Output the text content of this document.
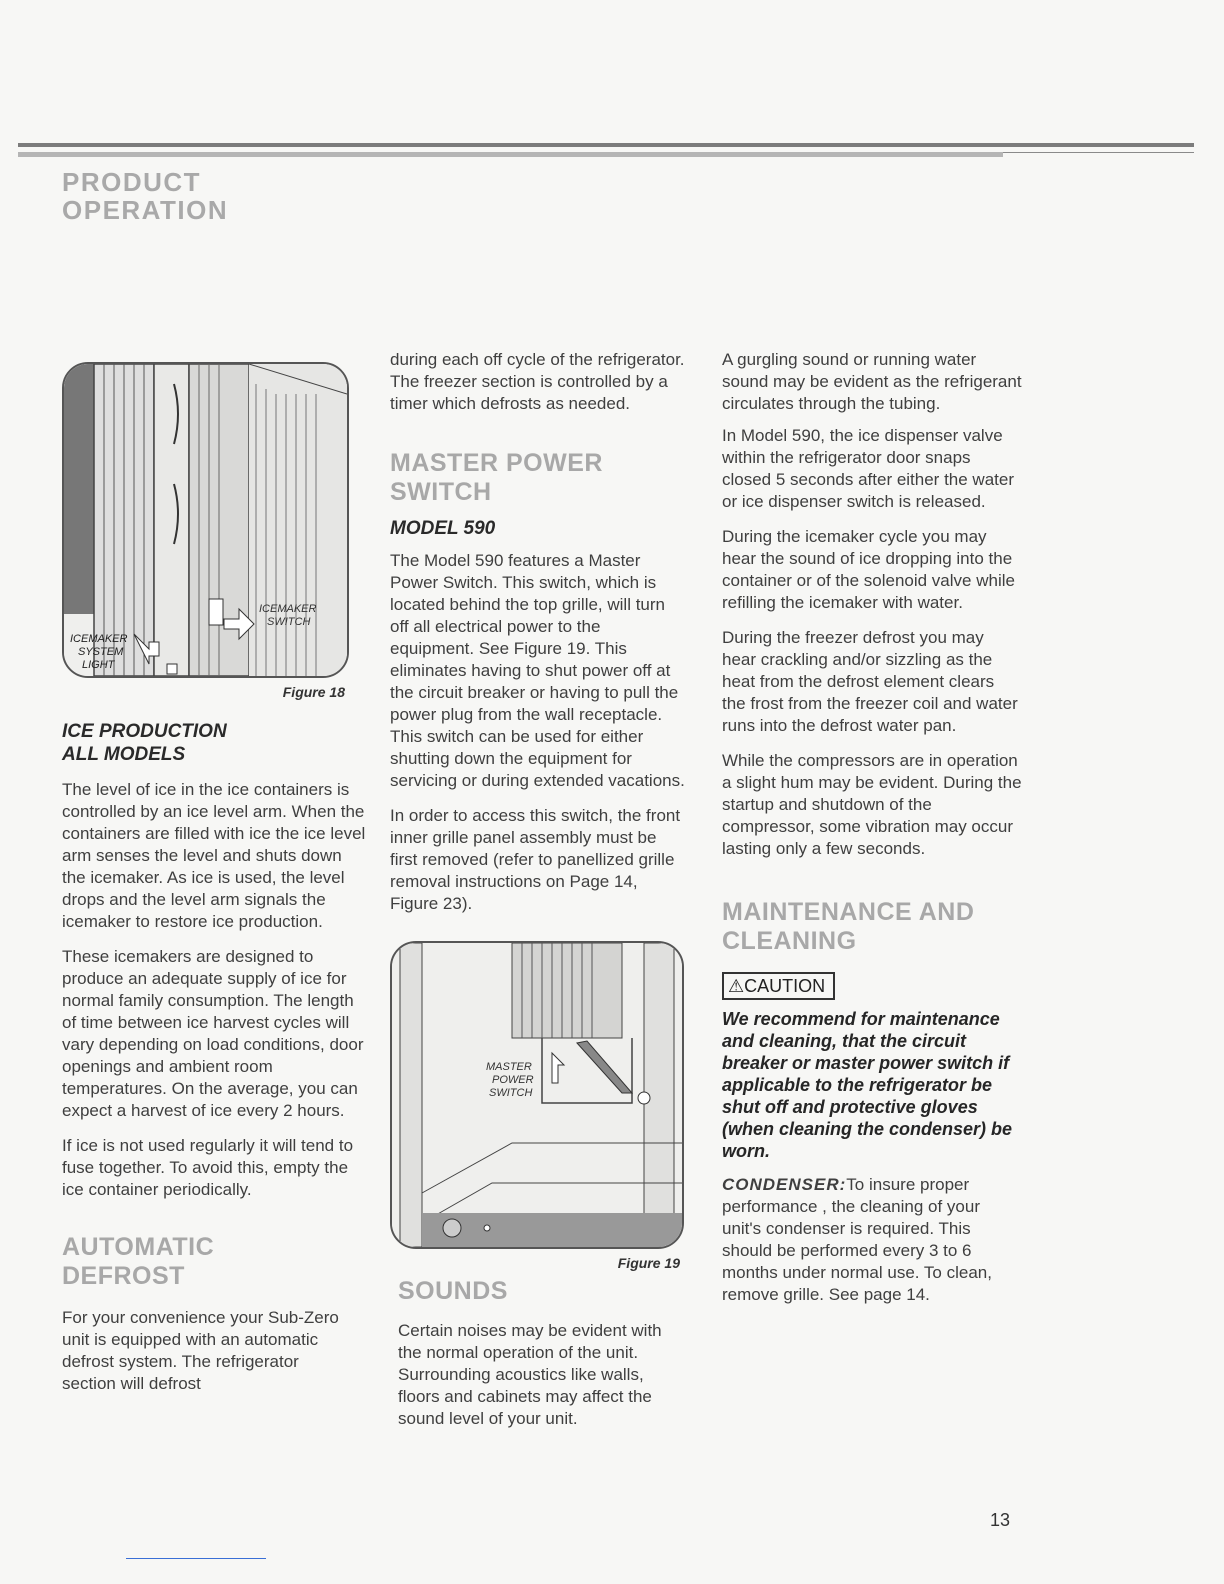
PRODUCT
OPERATION
ICEMAKER
SWITCH
ICEMAKER
SYSTEM
LIGHT
Figure 18
ICE PRODUCTION
ALL MODELS

The level of ice in the ice containers is controlled by an ice level arm. When the containers are filled with ice the ice level arm senses the level and shuts down the icemaker. As ice is used, the level drops and the level arm signals the icemaker to restore ice production.

These icemakers are designed to produce an adequate supply of ice for normal family consumption. The length of time between ice harvest cycles will vary depending on load conditions, door openings and ambient room temperatures. On the average, you can expect a harvest of ice every 2 hours.

If ice is not used regularly it will tend to fuse together. To avoid this, empty the ice container periodically.

AUTOMATIC
DEFROST

For your convenience your Sub-Zero unit is equipped with an automatic defrost system. The refrigerator section will defrost

during each off cycle of the refrigerator. The freezer section is controlled by a timer which defrosts as needed.

MASTER POWER
SWITCH
MODEL 590

The Model 590 features a Master Power Switch. This switch, which is located behind the top grille, will turn off all electrical power to the equipment. See Figure 19. This eliminates having to shut power off at the circuit breaker or having to pull the power plug from the wall receptacle. This switch can be used for either shutting down the equipment for servicing or during extended vacations.

In order to access this switch, the front inner grille panel assembly must be first removed (refer to panellized grille removal instructions on Page 14, Figure 23).

MASTER
POWER
SWITCH
Figure 19
SOUNDS

Certain noises may be evident with the normal operation of the unit. Surrounding acoustics like walls, floors and cabinets may affect the sound level of your unit.

A gurgling sound or running water sound may be evident as the refrigerant circulates through the tubing.

In Model 590, the ice dispenser valve within the refrigerator door snaps closed 5 seconds after either the water or ice dispenser switch is released.

During the icemaker cycle you may hear the sound of ice dropping into the container or of the solenoid valve while refilling the icemaker with water.

During the freezer defrost you may hear crackling and/or sizzling as the heat from the defrost element clears the frost from the freezer coil and water runs into the defrost water pan.

While the compressors are in operation a slight hum may be evident. During the startup and shutdown of the compressor, some vibration may occur lasting only a few seconds.

MAINTENANCE AND
CLEANING
⚠CAUTION
We recommend for maintenance and cleaning, that the circuit breaker or master power switch if applicable to the refrigerator be shut off and protective gloves (when cleaning the condenser) be worn.

CONDENSER:To insure proper performance , the cleaning of your unit's condenser is required. This should be performed every 3 to 6 months under normal use. To clean, remove grille. See page 14.

13
